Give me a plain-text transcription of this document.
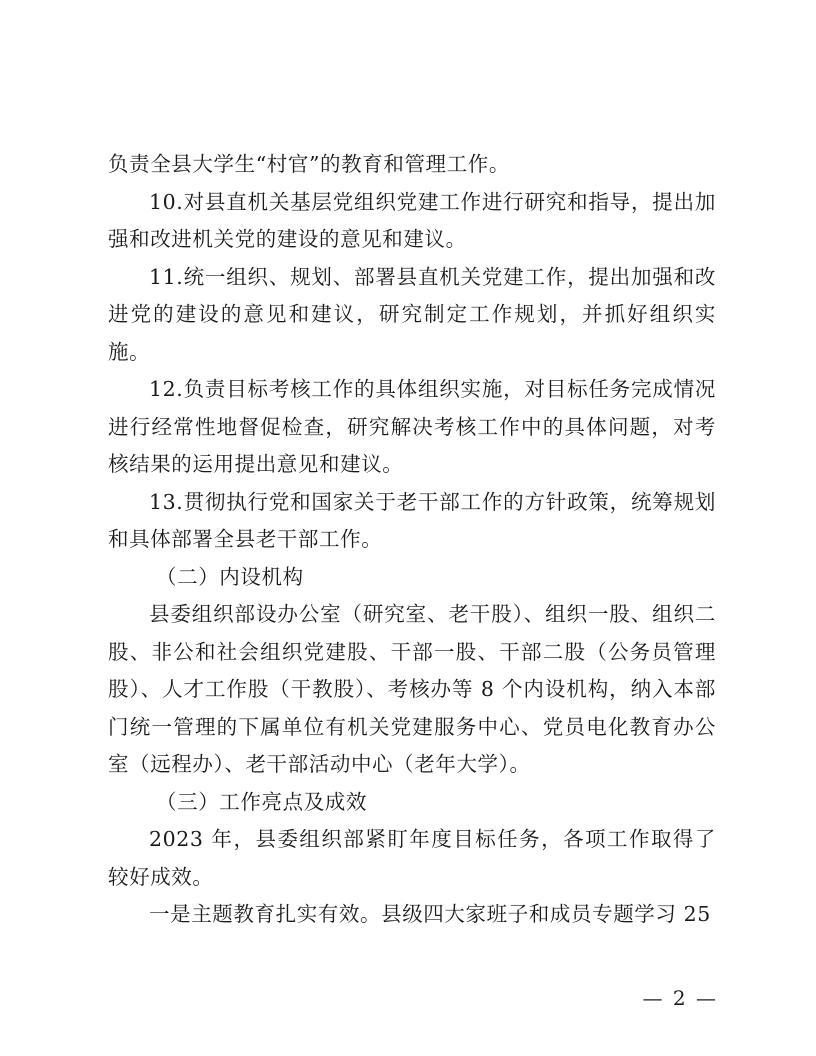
负责全县大学生“村官”的教育和管理工作。

10.对县直机关基层党组织党建工作进行研究和指导，提出加强和改进机关党的建设的意见和建议。

11.统一组织、规划、部署县直机关党建工作，提出加强和改进党的建设的意见和建议，研究制定工作规划，并抓好组织实施。

12.负责目标考核工作的具体组织实施，对目标任务完成情况进行经常性地督促检查，研究解决考核工作中的具体问题，对考核结果的运用提出意见和建议。

13.贯彻执行党和国家关于老干部工作的方针政策，统筹规划和具体部署全县老干部工作。

（二）内设机构

县委组织部设办公室（研究室、老干股）、组织一股、组织二股、非公和社会组织党建股、干部一股、干部二股（公务员管理股）、人才工作股（干教股）、考核办等 8 个内设机构，纳入本部门统一管理的下属单位有机关党建服务中心、党员电化教育办公室（远程办）、老干部活动中心（老年大学）。

（三）工作亮点及成效

2023 年，县委组织部紧盯年度目标任务，各项工作取得了较好成效。

一是主题教育扎实有效。县级四大家班子和成员专题学习 25

— 2 —
